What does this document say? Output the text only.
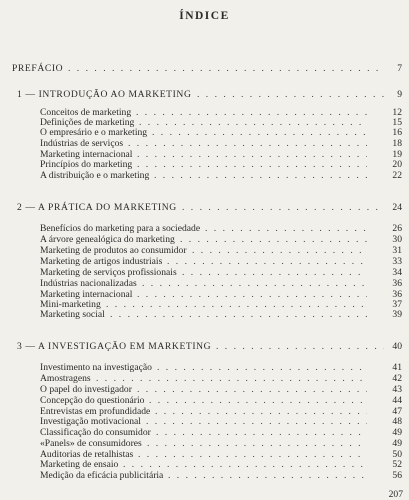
ÍNDICE
PREFÁCIO . . .	7
1 — INTRODUÇÃO AO MARKETING . . .	9
Conceitos de marketing . . .	12
Definições de marketing . . .	15
O empresário e o marketing . . .	16
Indústrias de serviços . . .	18
Marketing internacional . . .	19
Princípios do marketing . . .	20
A distribuição e o marketing . . .	22
2 — A PRÁTICA DO MARKETING . . .	24
Benefícios do marketing para a sociedade . . .	26
A árvore genealógica do marketing . . .	30
Marketing de produtos ao consumidor . . .	31
Marketing de artigos industriais . . .	33
Marketing de serviços profissionais . . .	34
Indústrias nacionalizadas . . .	36
Marketing internacional . . .	36
Mini-marketing . . .	37
Marketing social . . .	39
3 — A INVESTIGAÇÃO EM MARKETING . . .	40
Investimento na investigação . . .	41
Amostragens . . .	42
O papel do investigador . . .	43
Concepção do questionário . . .	44
Entrevistas em profundidade . . .	47
Investigação motivacional . . .	48
Classificação do consumidor . . .	49
«Panels» de consumidores . . .	49
Auditorias de retalhistas . . .	50
Marketing de ensaio . . .	52
Medição da eficácia publicitária . . .	56
207
